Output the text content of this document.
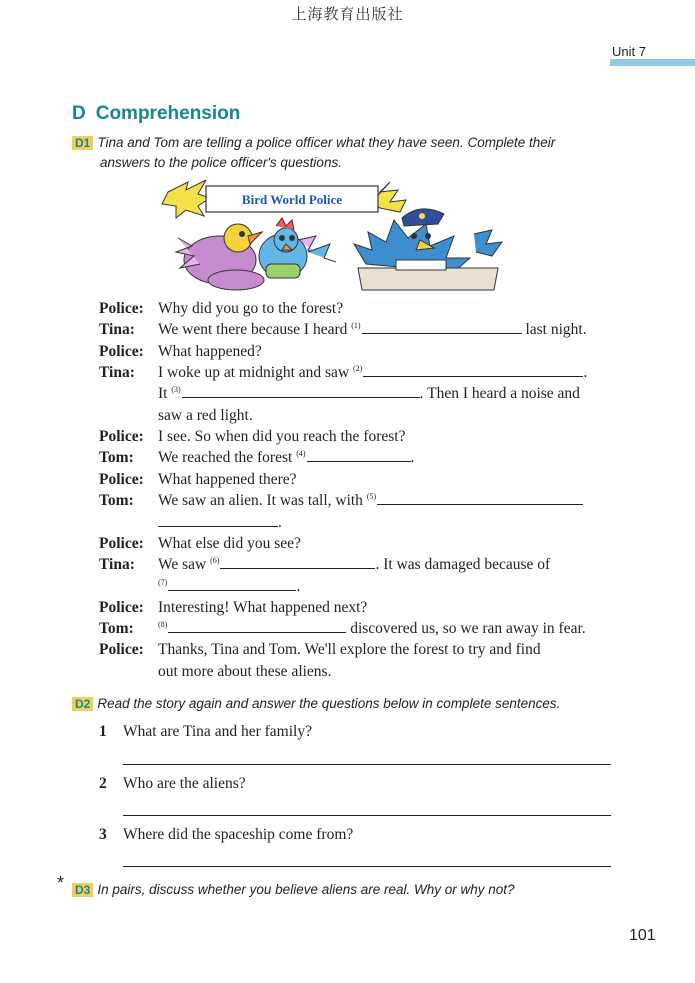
上海教育出版社
Unit 7
D Comprehension
D1 Tina and Tom are telling a police officer what they have seen. Complete their
answers to the police officer's questions.
Bird World Police
Police: Why did you go to the forest?
Tina:	We went there because I heard $^{(1)}$	last night.
Police: What happened?
Tina:	I woke up at midnight and saw $^{(2)}$	.
It $^{(3)}$	. Then I heard a noise and
saw a red light.
Police: I see. So when did you reach the forest?
Tom:	We reached the forest $^{(4)}$	.
Police: What happened there?
Tom:	We saw an alien. It was tall, with $^{(5)}$
.
Police: What else did you see?
Tina:	We saw $^{(6)}$	. It was damaged because of
$^{(7)}$	.
Police: Interesting! What happened next?
Tom:	$^{(8)}$	discovered us, so we ran away in fear.
Police: Thanks, Tina and Tom. We'll explore the forest to try and find
out more about these aliens.
D2 Read the story again and answer the questions below in complete sentences.
1 What are Tina and her family?
2 Who are the aliens?
3 Where did the spaceship come from?
* D3 In pairs, discuss whether you believe aliens are real. Why or why not?
101
